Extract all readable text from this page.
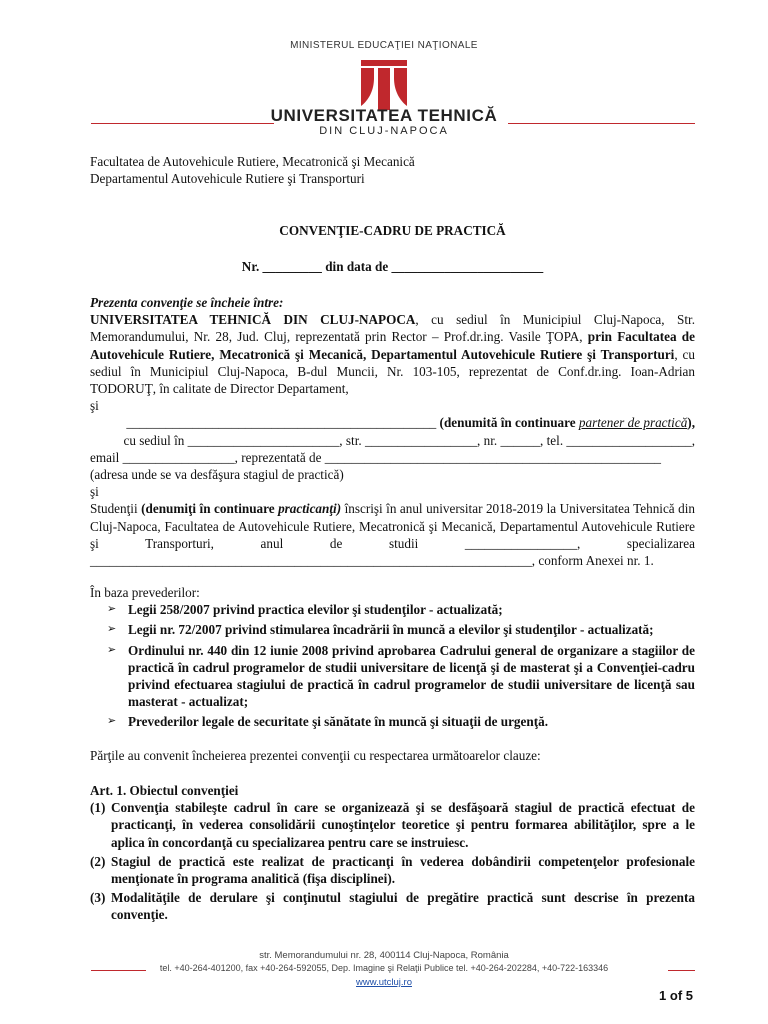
MINISTERUL EDUCAŢIEI NAŢIONALE
UNIVERSITATEA TEHNICĂ
DIN CLUJ-NAPOCA

Facultatea de Autovehicule Rutiere, Mecatronică şi Mecanică

Departamentul Autovehicule Rutiere şi Transporturi

CONVENŢIE-CADRU DE PRACTICĂ
Nr. _________ din data de _______________________

Prezenta convenţie se încheie între:

UNIVERSITATEA TEHNICĂ DIN CLUJ-NAPOCA, cu sediul în Municipiul Cluj-Napoca, Str. Memorandumului, Nr. 28, Jud. Cluj, reprezentată prin Rector – Prof.dr.ing. Vasile ŢOPA, prin Facultatea de Autovehicule Rutiere, Mecatronică şi Mecanică, Departamentul Autovehicule Rutiere şi Transporturi, cu sediul în Municipiul Cluj-Napoca, B-dul Muncii, Nr. 103-105, reprezentat de Conf.dr.ing. Ioan-Adrian TODORUŢ, în calitate de Director Departament,

şi

_______________________________________________ (denumită în continuare partener de practică),

cu sediul în _______________________, str. _________________, nr. ______, tel. ___________________,

email _________________, reprezentată de ___________________________________________________

(adresa unde se va desfăşura stagiul de practică)

şi

Studenţii (denumiţi în continuare practicanţi) înscrişi în anul universitar 2018-2019 la Universitatea Tehnică din Cluj-Napoca, Facultatea de Autovehicule Rutiere, Mecatronică şi Mecanică, Departamentul Autovehicule Rutiere şi Transporturi, anul de studii _________________, specializarea ___________________________________________________________________, conform Anexei nr. 1.

În baza prevederilor:

➢ Legii 258/2007 privind practica elevilor şi studenţilor - actualizată;
➢ Legii nr. 72/2007 privind stimularea încadrării în muncă a elevilor şi studenţilor - actualizată;
➢ Ordinului nr. 440 din 12 iunie 2008 privind aprobarea Cadrului general de organizare a stagiilor de practică în cadrul programelor de studii universitare de licenţă şi de masterat şi a Convenţiei-cadru privind efectuarea stagiului de practică în cadrul programelor de studii universitare de licenţă sau masterat - actualizat;
➢ Prevederilor legale de securitate şi sănătate în muncă şi situaţii de urgenţă.
Părţile au convenit încheierea prezentei convenţii cu respectarea următoarelor clauze:

Art. 1. Obiectul convenţiei

(1) Convenţia stabileşte cadrul în care se organizează şi se desfăşoară stagiul de practică efectuat de practicanţi, în vederea consolidării cunoştinţelor teoretice şi pentru formarea abilităţilor, spre a le aplica în concordanţă cu specializarea pentru care se instruiesc.
(2) Stagiul de practică este realizat de practicanţi în vederea dobândirii competenţelor profesionale menţionate în programa analitică (fişa disciplinei).
(3) Modalităţile de derulare şi conţinutul stagiului de pregătire practică sunt descrise în prezenta convenţie.
str. Memorandumului nr. 28, 400114 Cluj-Napoca, România
tel. +40-264-401200, fax +40-264-592055, Dep. Imagine şi Relaţii Publice tel. +40-264-202284, +40-722-163346
www.utcluj.ro
1 of 5
